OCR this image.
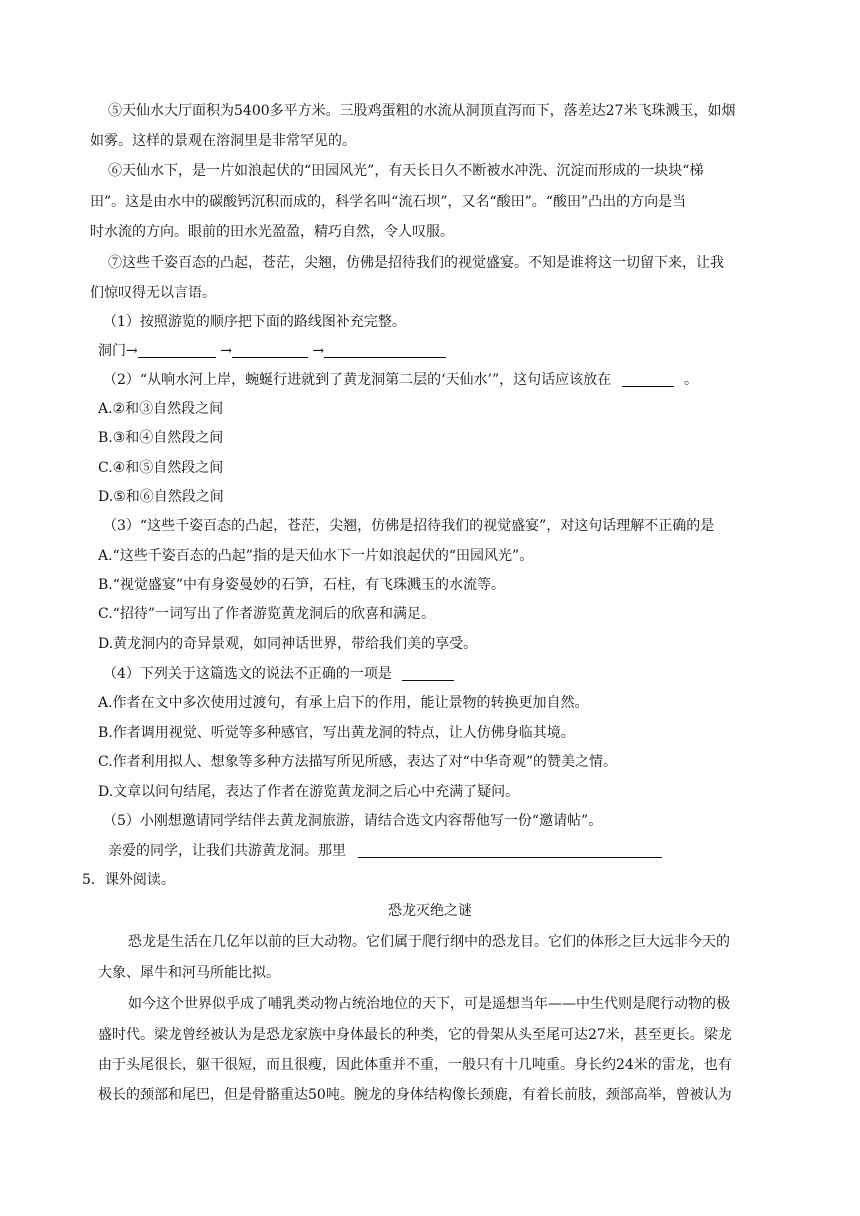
⑤天仙水大厅面积为5400多平方米。三股鸡蛋粗的水流从洞顶直泻而下，落差达27米飞珠溅玉，如烟
如雾。这样的景观在溶洞里是非常罕见的。
⑥天仙水下，是一片如浪起伏的“田园风光”，有天长日久不断被水冲洗、沉淀而形成的一块块“梯
田”。这是由水中的碳酸钙沉积而成的，科学名叫“流石坝”，又名“酸田”。“酸田”凸出的方向是当
时水流的方向。眼前的田水光盈盈，精巧自然，令人叹服。
⑦这些千姿百态的凸起，苍茫，尖翘，仿佛是招待我们的视觉盛宴。不知是谁将这一切留下来，让我
们惊叹得无以言语。
（1）按照游览的顺序把下面的路线图补充完整。
洞门→	→	→
（2）“从响水河上岸，蜿蜒行进就到了黄龙洞第二层的‘天仙水’”，这句话应该放在	。
A.②和③自然段之间
B.③和④自然段之间
C.④和⑤自然段之间
D.⑤和⑥自然段之间
（3）“这些千姿百态的凸起，苍茫，尖翘，仿佛是招待我们的视觉盛宴”，对这句话理解不正确的是
A.“这些千姿百态的凸起”指的是天仙水下一片如浪起伏的“田园风光”。
B.“视觉盛宴”中有身姿曼妙的石笋，石柱，有飞珠溅玉的水流等。
C.“招待”一词写出了作者游览黄龙洞后的欣喜和满足。
D.黄龙洞内的奇异景观，如同神话世界，带给我们美的享受。
（4）下列关于这篇选文的说法不正确的一项是
A.作者在文中多次使用过渡句，有承上启下的作用，能让景物的转换更加自然。
B.作者调用视觉、听觉等多种感官，写出黄龙洞的特点，让人仿佛身临其境。
C.作者利用拟人、想象等多种方法描写所见所感，表达了对“中华奇观”的赞美之情。
D.文章以问句结尾，表达了作者在游览黄龙洞之后心中充满了疑问。
（5）小刚想邀请同学结伴去黄龙洞旅游，请结合选文内容帮他写一份“邀请帖”。
亲爱的同学，让我们共游黄龙洞。那里
5．课外阅读。
恐龙灭绝之谜
恐龙是生活在几亿年以前的巨大动物。它们属于爬行纲中的恐龙目。它们的体形之巨大远非今天的
大象、犀牛和河马所能比拟。
如今这个世界似乎成了哺乳类动物占统治地位的天下，可是遥想当年——中生代则是爬行动物的极
盛时代。梁龙曾经被认为是恐龙家族中身体最长的种类，它的骨架从头至尾可达27米，甚至更长。梁龙
由于头尾很长，躯干很短，而且很瘦，因此体重并不重，一般只有十几吨重。身长约24米的雷龙，也有
极长的颈部和尾巴，但是骨骼重达50吨。腕龙的身体结构像长颈鹿，有着长前肢，颈部高举，曾被认为
